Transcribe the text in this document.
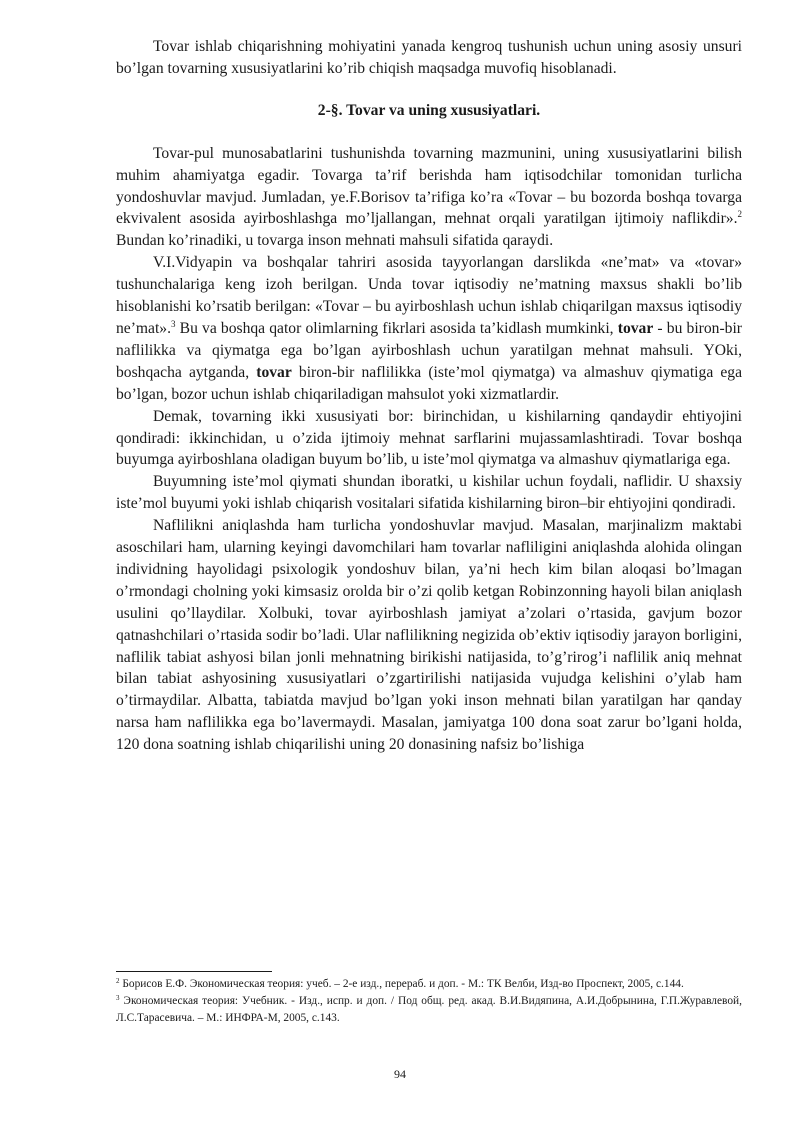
Tovar ishlab chiqarishning mohiyatini yanada kengroq tushunish uchun uning asosiy unsuri bo’lgan tovarning xususiyatlarini ko’rib chiqish maqsadga muvofiq hisoblanadi.

2-§. Tovar va uning xususiyatlari.

Tovar-pul munosabatlarini tushunishda tovarning mazmunini, uning xususiyatlarini bilish muhim ahamiyatga egadir. Tovarga ta’rif berishda ham iqtisodchilar tomonidan turlicha yondoshuvlar mavjud. Jumladan, ye.F.Borisov ta’rifiga ko’ra «Tovar – bu bozorda boshqa tovarga ekvivalent asosida ayirboshlashga mo’ljallangan, mehnat orqali yaratilgan ijtimoiy naflikdir».$^2$ Bundan ko’rinadiki, u tovarga inson mehnati mahsuli sifatida qaraydi.

V.I.Vidyapin va boshqalar tahriri asosida tayyorlangan darslikda «ne’mat» va «tovar» tushunchalariga keng izoh berilgan. Unda tovar iqtisodiy ne’matning maxsus shakli bo’lib hisoblanishi ko’rsatib berilgan: «Tovar – bu ayirboshlash uchun ishlab chiqarilgan maxsus iqtisodiy ne’mat».$^3$ Bu va boshqa qator olimlarning fikrlari asosida ta’kidlash mumkinki, tovar - bu biron-bir naflilikka va qiymatga ega bo’lgan ayirboshlash uchun yaratilgan mehnat mahsuli. YOki, boshqacha aytganda, tovar biron-bir naflilikka (iste’mol qiymatga) va almashuv qiymatiga ega bo’lgan, bozor uchun ishlab chiqariladigan mahsulot yoki xizmatlardir.

Demak, tovarning ikki xususiyati bor: birinchidan, u kishilarning qandaydir ehtiyojini qondiradi: ikkinchidan, u o’zida ijtimoiy mehnat sarflarini mujassamlashtiradi. Tovar boshqa buyumga ayirboshlana oladigan buyum bo’lib, u iste’mol qiymatga va almashuv qiymatlariga ega.

Buyumning iste’mol qiymati shundan iboratki, u kishilar uchun foydali, naflidir. U shaxsiy iste’mol buyumi yoki ishlab chiqarish vositalari sifatida kishilarning biron–bir ehtiyojini qondiradi.

Naflilikni aniqlashda ham turlicha yondoshuvlar mavjud. Masalan, marjinalizm maktabi asoschilari ham, ularning keyingi davomchilari ham tovarlar nafliligini aniqlashda alohida olingan individning hayolidagi psixologik yondoshuv bilan, ya’ni hech kim bilan aloqasi bo’lmagan o’rmondagi cholning yoki kimsasiz orolda bir o’zi qolib ketgan Robinzonning hayoli bilan aniqlash usulini qo’llaydilar. Xolbuki, tovar ayirboshlash jamiyat a’zolari o’rtasida, gavjum bozor qatnashchilari o’rtasida sodir bo’ladi. Ular naflilikning negizida ob’ektiv iqtisodiy jarayon borligini, naflilik tabiat ashyosi bilan jonli mehnatning birikishi natijasida, to’g’rirog’i naflilik aniq mehnat bilan tabiat ashyosining xususiyatlari o’zgartirilishi natijasida vujudga kelishini o’ylab ham o’tirmaydilar. Albatta, tabiatda mavjud bo’lgan yoki inson mehnati bilan yaratilgan har qanday narsa ham naflilikka ega bo’lavermaydi. Masalan, jamiyatga 100 dona soat zarur bo’lgani holda, 120 dona soatning ishlab chiqarilishi uning 20 donasining nafsiz bo’lishiga

$^2$ Борисов Е.Ф. Экономическая теория: учеб. – 2-е изд., перераб. и доп. - М.: ТК Велби, Изд-во Проспект, 2005, с.144.

$^3$ Экономическая теория: Учебник. - Изд., испр. и доп. / Под общ. ред. акад. В.И.Видяпина, А.И.Добрынина, Г.П.Журавлевой, Л.С.Тарасевича. – М.: ИНФРА-М, 2005, с.143.

94
